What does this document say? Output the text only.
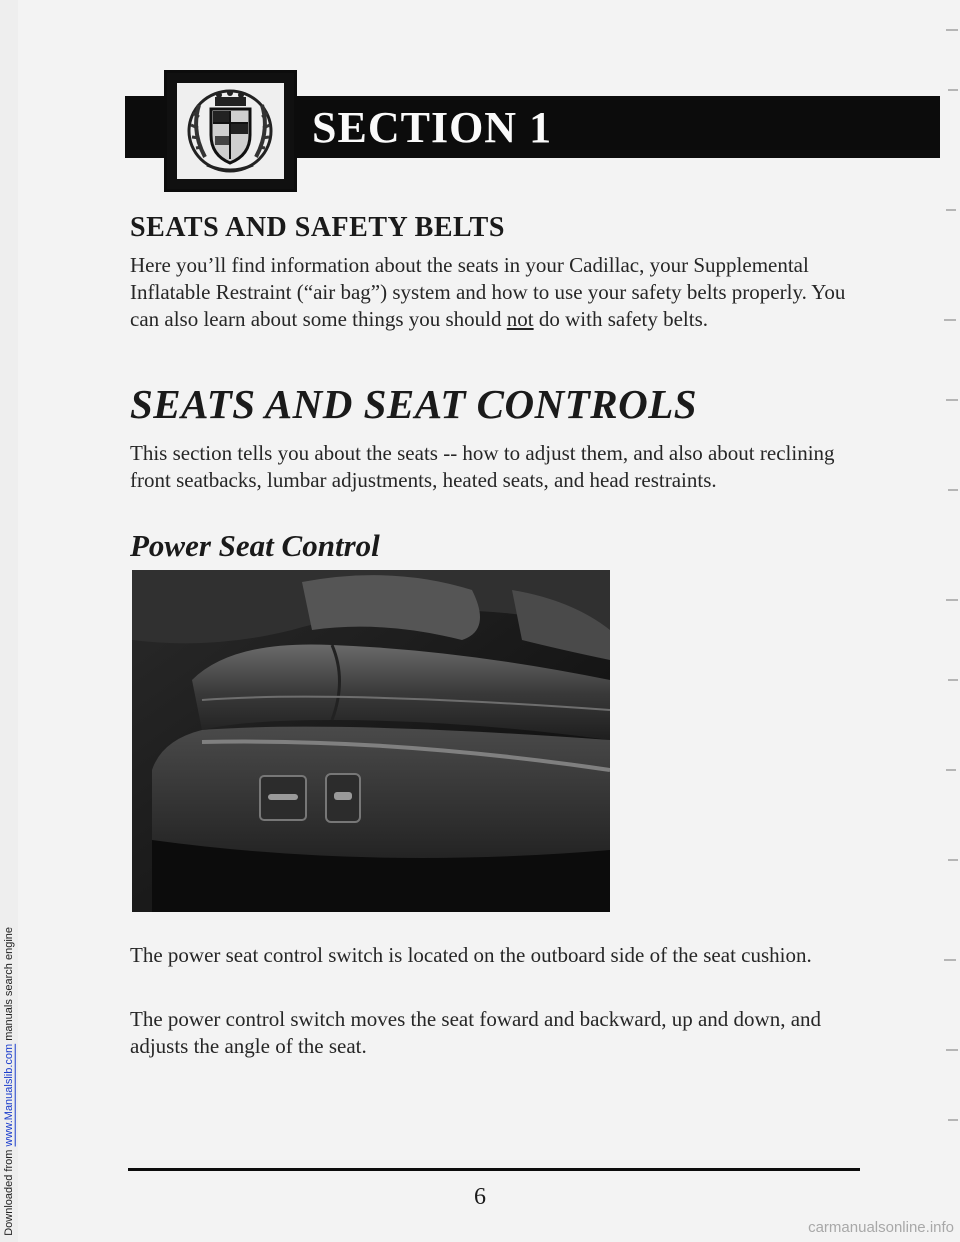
Downloaded from www.Manualslib.com manuals search engine
SECTION 1
SEATS AND SAFETY BELTS
Here you’ll find information about the seats in your Cadillac, your Supplemental Inflatable Restraint (“air bag”) system and how to use your safety belts properly. You can also learn about some things you should not do with safety belts.
SEATS AND SEAT CONTROLS
This section tells you about the seats -- how to adjust them, and also about reclining front seatbacks, lumbar adjustments, heated seats, and head restraints.
Power Seat Control
The power seat control switch is located on the outboard side of the seat cushion.
The power control switch moves the seat foward and backward, up and down, and adjusts the angle of the seat.
6
carmanualsonline.info
